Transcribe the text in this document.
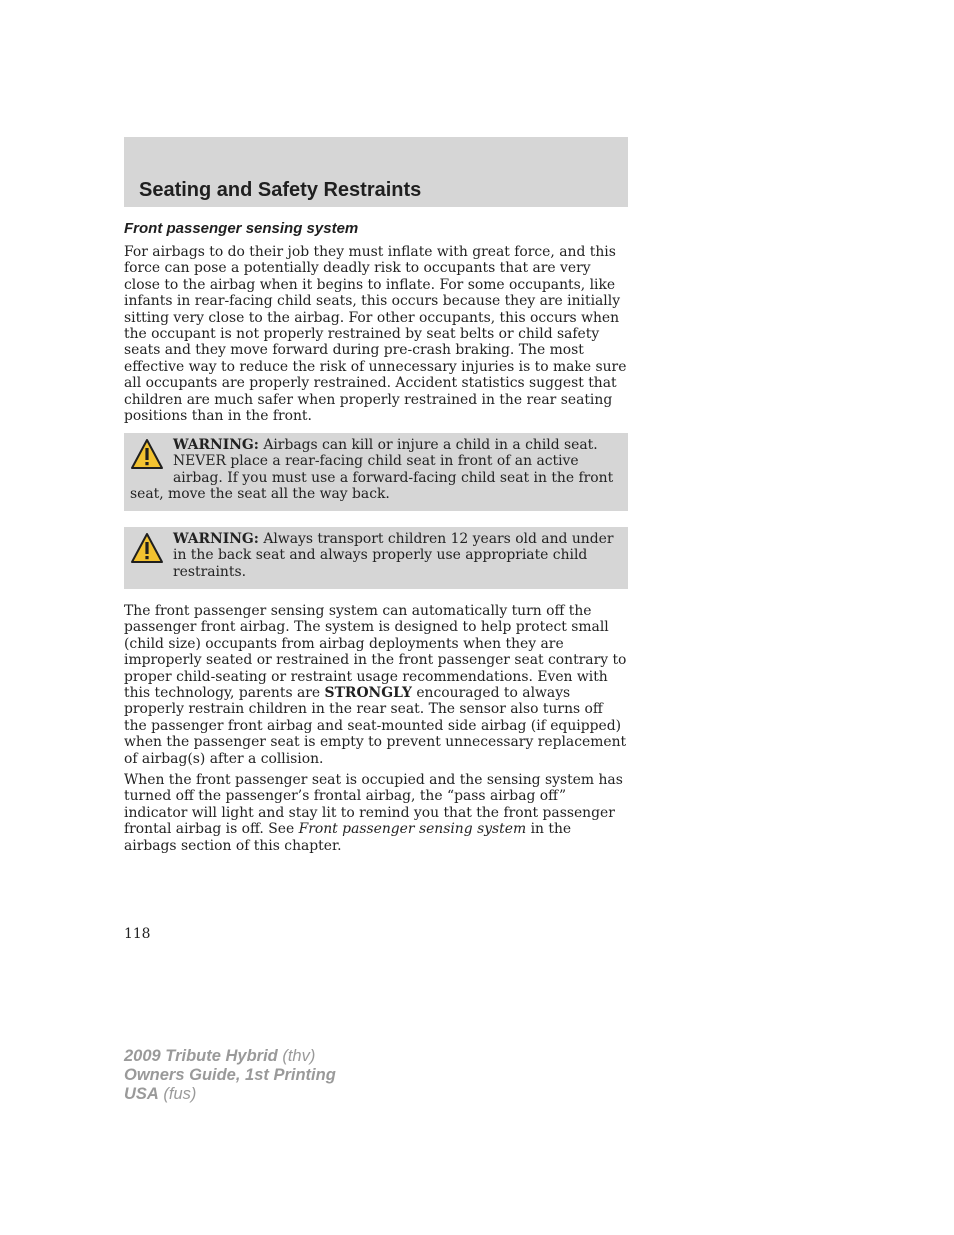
Seating and Safety Restraints
Front passenger sensing system

For airbags to do their job they must inflate with great force, and this force can pose a potentially deadly risk to occupants that are very close to the airbag when it begins to inflate. For some occupants, like infants in rear-facing child seats, this occurs because they are initially sitting very close to the airbag. For other occupants, this occurs when the occupant is not properly restrained by seat belts or child safety seats and they move forward during pre-crash braking. The most effective way to reduce the risk of unnecessary injuries is to make sure all occupants are properly restrained. Accident statistics suggest that children are much safer when properly restrained in the rear seating positions than in the front.

WARNING: Airbags can kill or injure a child in a child seat. NEVER place a rear-facing child seat in front of an active airbag. If you must use a forward-facing child seat in the front seat, move the seat all the way back.

WARNING: Always transport children 12 years old and under in the back seat and always properly use appropriate child restraints.

The front passenger sensing system can automatically turn off the passenger front airbag. The system is designed to help protect small (child size) occupants from airbag deployments when they are improperly seated or restrained in the front passenger seat contrary to proper child-seating or restraint usage recommendations. Even with this technology, parents are STRONGLY encouraged to always properly restrain children in the rear seat. The sensor also turns off the passenger front airbag and seat-mounted side airbag (if equipped) when the passenger seat is empty to prevent unnecessary replacement of airbag(s) after a collision.

When the front passenger seat is occupied and the sensing system has turned off the passenger’s frontal airbag, the “pass airbag off” indicator will light and stay lit to remind you that the front passenger frontal airbag is off. See Front passenger sensing system in the airbags section of this chapter.

118
2009 Tribute Hybrid (thv)
Owners Guide, 1st Printing
USA (fus)
